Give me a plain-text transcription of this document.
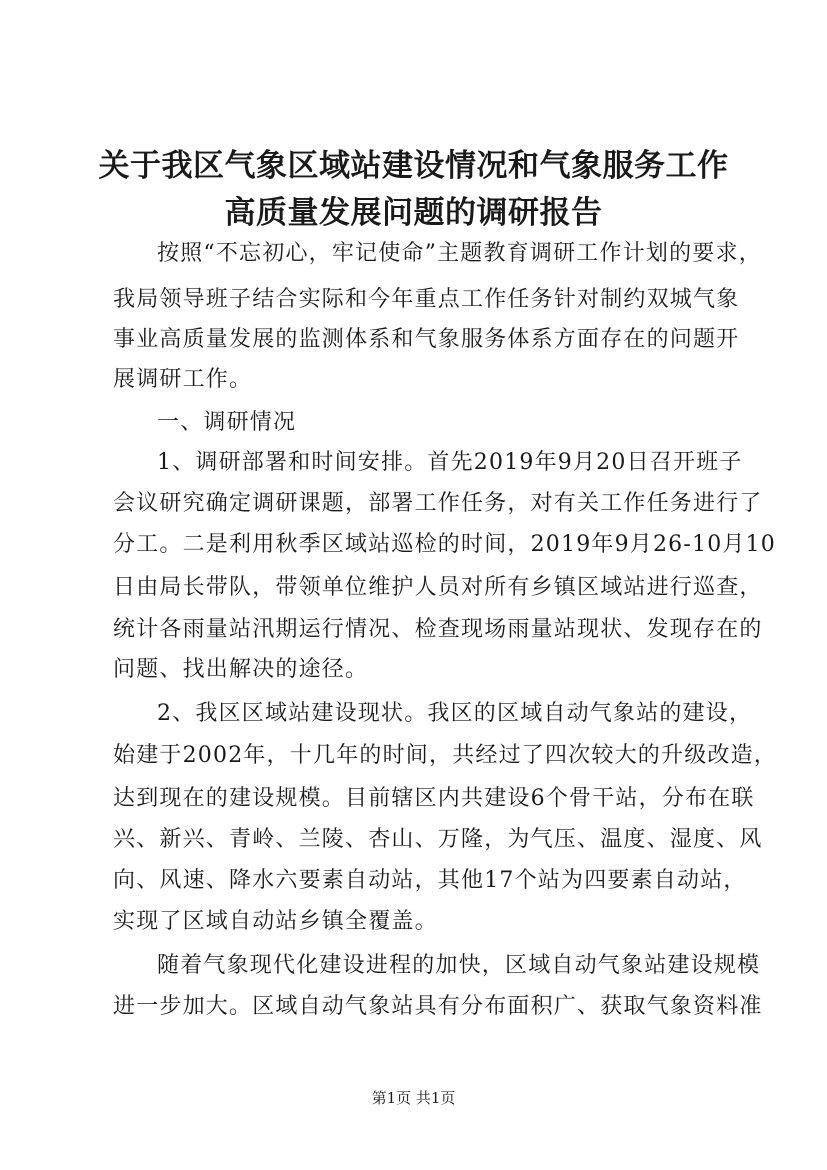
关于我区气象区域站建设情况和气象服务工作
高质量发展问题的调研报告
按照“不忘初心，牢记使命”主题教育调研工作计划的要求，
我局领导班子结合实际和今年重点工作任务针对制约双城气象
事业高质量发展的监测体系和气象服务体系方面存在的问题开
展调研工作。
一、调研情况
1、调研部署和时间安排。首先2019年9月20日召开班子
会议研究确定调研课题，部署工作任务，对有关工作任务进行了
分工。二是利用秋季区域站巡检的时间，2019年9月26-10月10
日由局长带队，带领单位维护人员对所有乡镇区域站进行巡查，
统计各雨量站汛期运行情况、检查现场雨量站现状、发现存在的
问题、找出解决的途径。
2、我区区域站建设现状。我区的区域自动气象站的建设，
始建于2002年，十几年的时间，共经过了四次较大的升级改造，
达到现在的建设规模。目前辖区内共建设6个骨干站，分布在联
兴、新兴、青岭、兰陵、杏山、万隆，为气压、温度、湿度、风
向、风速、降水六要素自动站，其他17个站为四要素自动站，
实现了区域自动站乡镇全覆盖。
随着气象现代化建设进程的加快，区域自动气象站建设规模
进一步加大。区域自动气象站具有分布面积广、获取气象资料准
第1页 共1页
